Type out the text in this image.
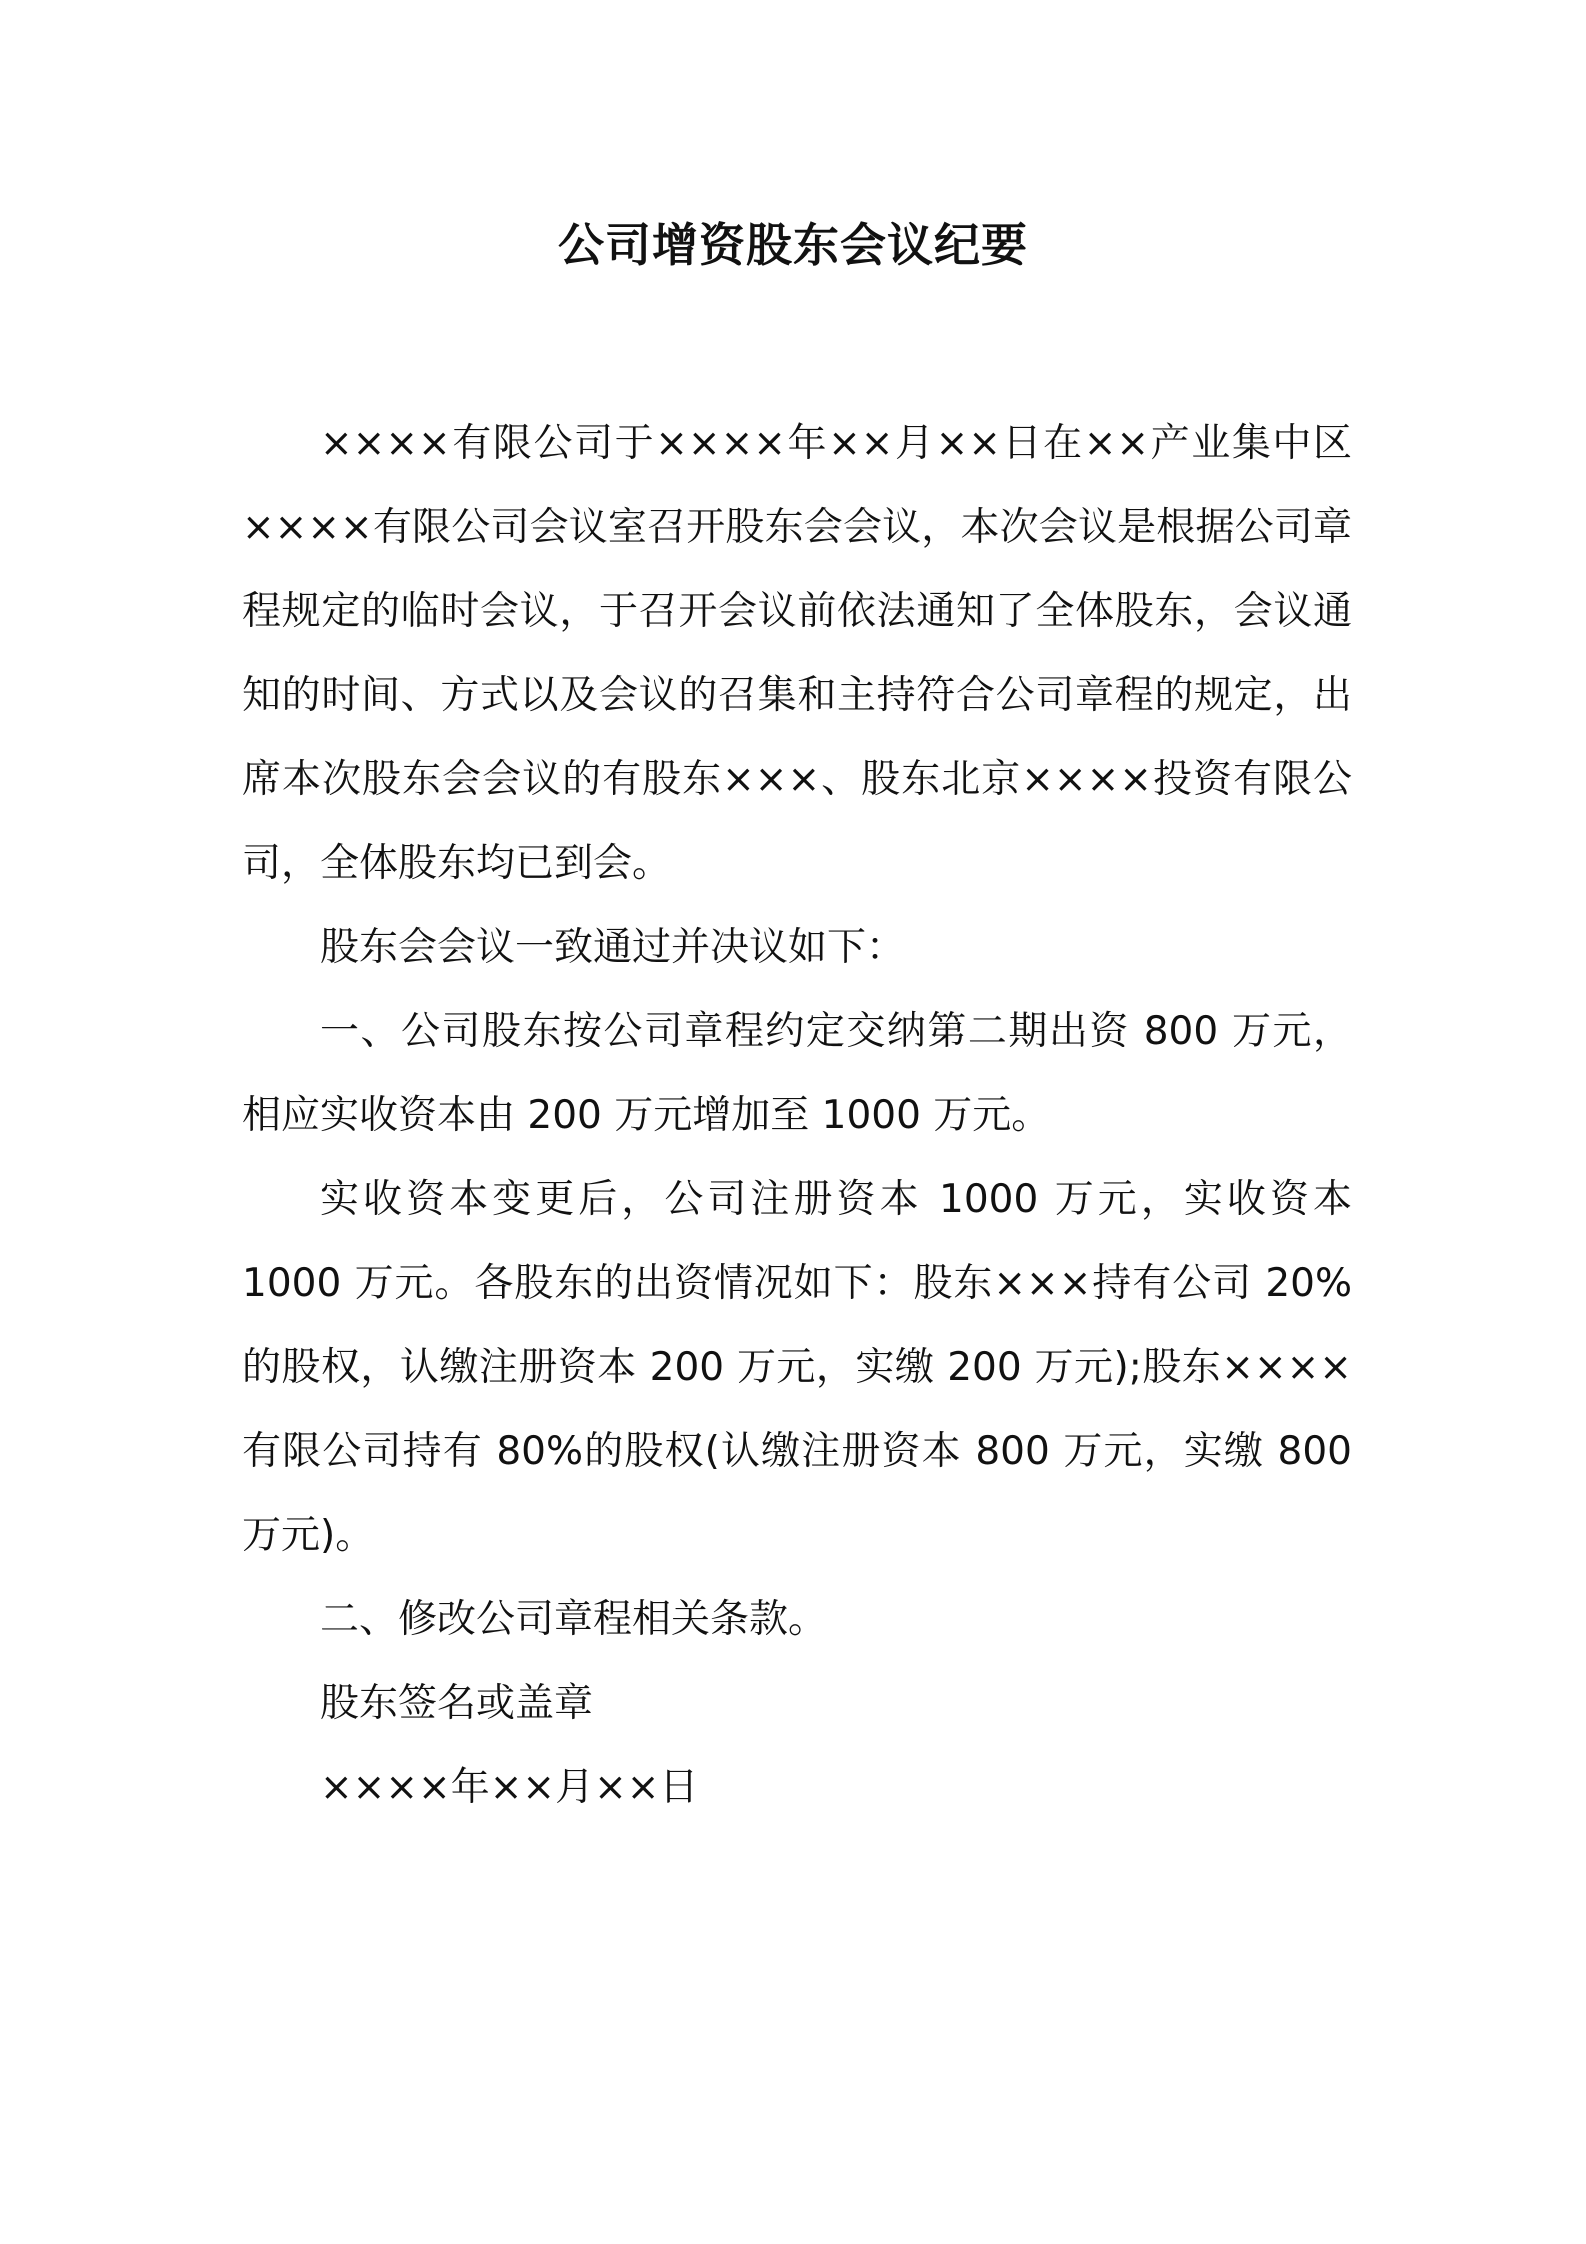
公司增资股东会议纪要

××××有限公司于××××年××月××日在××产业集中区××××有限公司会议室召开股东会会议，本次会议是根据公司章程规定的临时会议，于召开会议前依法通知了全体股东，会议通知的时间、方式以及会议的召集和主持符合公司章程的规定，出席本次股东会会议的有股东×××、股东北京××××投资有限公司，全体股东均已到会。

股东会会议一致通过并决议如下：

一、公司股东按公司章程约定交纳第二期出资 800 万元，相应实收资本由 200 万元增加至 1000 万元。

实收资本变更后，公司注册资本 1000 万元，实收资本 1000 万元。各股东的出资情况如下：股东×××持有公司 20%的股权，认缴注册资本 200 万元，实缴 200 万元);股东××××有限公司持有 80%的股权(认缴注册资本 800 万元，实缴 800 万元)。

二、修改公司章程相关条款。

股东签名或盖章

××××年××月××日
